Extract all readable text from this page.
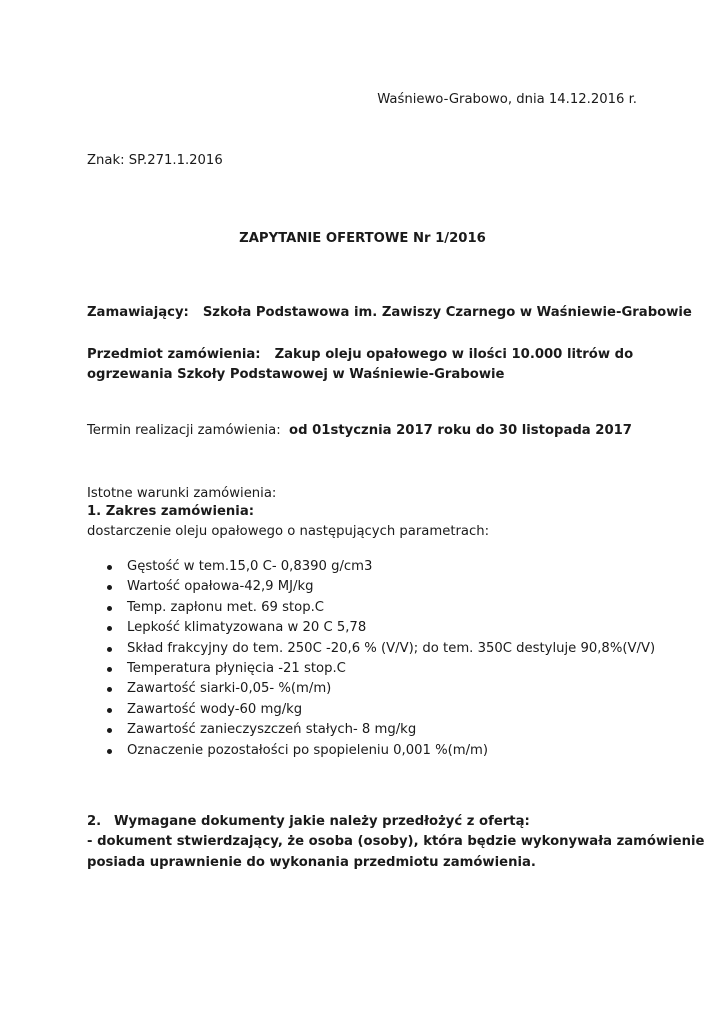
Waśniewo-Grabowo, dnia 14.12.2016 r.
Znak: SP.271.1.2016
ZAPYTANIE OFERTOWE Nr 1/2016
Zamawiający: Szkoła Podstawowa im. Zawiszy Czarnego w Waśniewie-Grabowie
Przedmiot zamówienia: Zakup oleju opałowego w ilości 10.000 litrów do
ogrzewania Szkoły Podstawowej w Waśniewie-Grabowie
Termin realizacji zamówienia: od 01stycznia 2017 roku do 30 listopada 2017
Istotne warunki zamówienia:
1. Zakres zamówienia:
dostarczenie oleju opałowego o następujących parametrach:
Gęstość w tem.15,0 C- 0,8390 g/cm3
Wartość opałowa-42,9 MJ/kg
Temp. zapłonu met. 69 stop.C
Lepkość klimatyzowana w 20 C 5,78
Skład frakcyjny do tem. 250C -20,6 % (V/V); do tem. 350C destyluje 90,8%(V/V)
Temperatura płynięcia -21 stop.C
Zawartość siarki-0,05- %(m/m)
Zawartość wody-60 mg/kg
Zawartość zanieczyszczeń stałych- 8 mg/kg
Oznaczenie pozostałości po spopieleniu 0,001 %(m/m)
2. Wymagane dokumenty jakie należy przedłożyć z ofertą:
- dokument stwierdzający, że osoba (osoby), która będzie wykonywała zamówienie
posiada uprawnienie do wykonania przedmiotu zamówienia.
